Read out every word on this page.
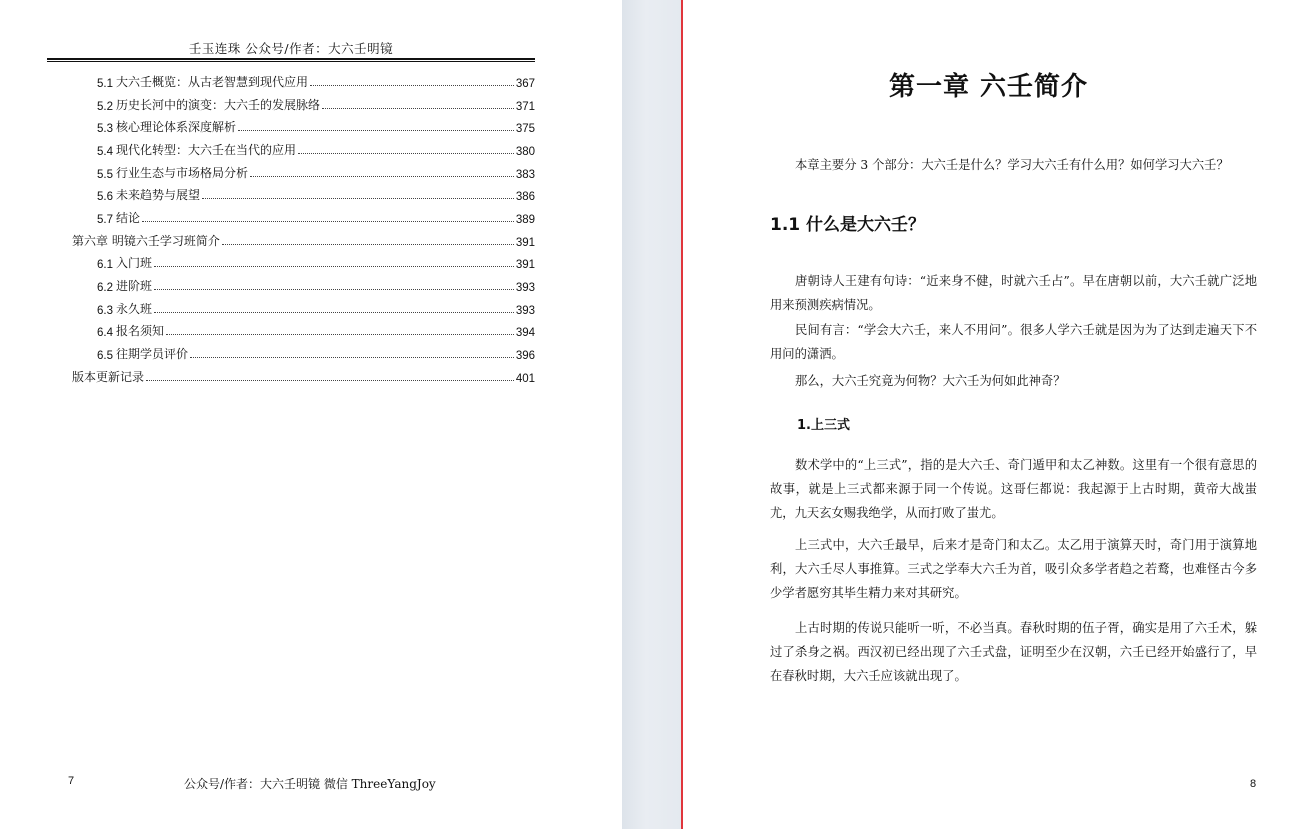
壬玉连珠 公众号/作者：大六壬明镜
5.1 大六壬概览：从古老智慧到现代应用	367
5.2 历史长河中的演变：大六壬的发展脉络	371
5.3 核心理论体系深度解析	375
5.4 现代化转型：大六壬在当代的应用	380
5.5 行业生态与市场格局分析	383
5.6 未来趋势与展望	386
5.7 结论	389
第六章 明镜六壬学习班简介	391
6.1 入门班	391
6.2 进阶班	393
6.3 永久班	393
6.4 报名须知	394
6.5 往期学员评价	396
版本更新记录	401
7	公众号/作者：大六壬明镜 微信 ThreeYangJoy
第一章 六壬简介
本章主要分 3 个部分：大六壬是什么？学习大六壬有什么用？如何学习大六壬？
1.1 什么是大六壬？
唐朝诗人王建有句诗：“近来身不健，时就六壬占”。早在唐朝以前，大六壬就广泛地用来预测疾病情况。
民间有言：“学会大六壬，来人不用问”。很多人学六壬就是因为为了达到走遍天下不用问的潇洒。
那么，大六壬究竟为何物？大六壬为何如此神奇？
1.上三式
数术学中的“上三式”，指的是大六壬、奇门遁甲和太乙神数。这里有一个很有意思的故事，就是上三式都来源于同一个传说。这哥仨都说：我起源于上古时期，黄帝大战蚩尤，九天玄女赐我绝学，从而打败了蚩尤。
上三式中，大六壬最早，后来才是奇门和太乙。太乙用于演算天时，奇门用于演算地利，大六壬尽人事推算。三式之学奉大六壬为首，吸引众多学者趋之若鹜，也难怪古今多少学者愿穷其毕生精力来对其研究。
上古时期的传说只能听一听，不必当真。春秋时期的伍子胥，确实是用了六壬术，躲过了杀身之祸。西汉初已经出现了六壬式盘，证明至少在汉朝，六壬已经开始盛行了，早在春秋时期，大六壬应该就出现了。
8
